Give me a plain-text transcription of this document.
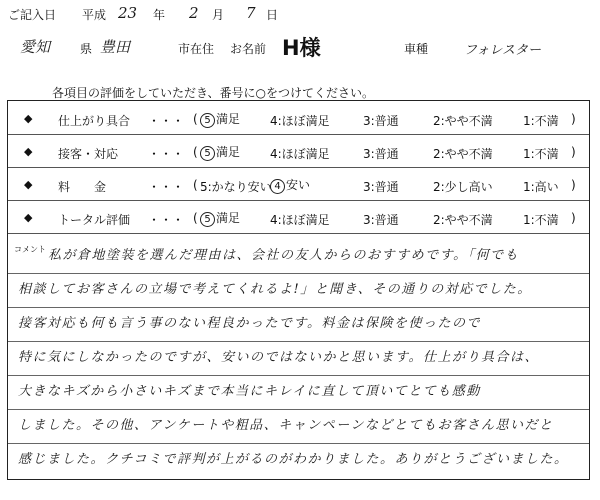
ご記入日 平成 23 年 2 月 7 日
愛知 県 豊田	市在住 お名前 H様	車種	フォレスター
各項目の評価をしていただき、番号に○をつけてください。
◆ 仕上がり具合 ・・・ ( 5 満足 4:ほぼ満足	3:普通	2:やや不満	1:不満 )
◆ 接客・対応 ・・・ ( 5 満足 4:ほぼ満足	3:普通	2:やや不満	1:不満 )
◆ 料　　金	・・・ ( 5:かなり安い 4 安い	3:普通	2:少し高い	1:高い )
◆ トータル評価 ・・・ ( 5 満足 4:ほぼ満足	3:普通	2:やや不満	1:不満 )
コメント 私が倉地塗装を選んだ理由は、会社の友人からのおすすめです。「何でも
相談してお客さんの立場で考えてくれるよ!」と聞き、その通りの対応でした。
接客対応も何も言う事のない程良かったです。料金は保険を使ったので
特に気にしなかったのですが、安いのではないかと思います。仕上がり具合は、
大きなキズから小さいキズまで本当にキレイに直して頂いてとても感動
しました。その他、アンケートや粗品、キャンペーンなどとてもお客さん思いだと
感じました。クチコミで評判が上がるのがわかりました。ありがとうございました。
